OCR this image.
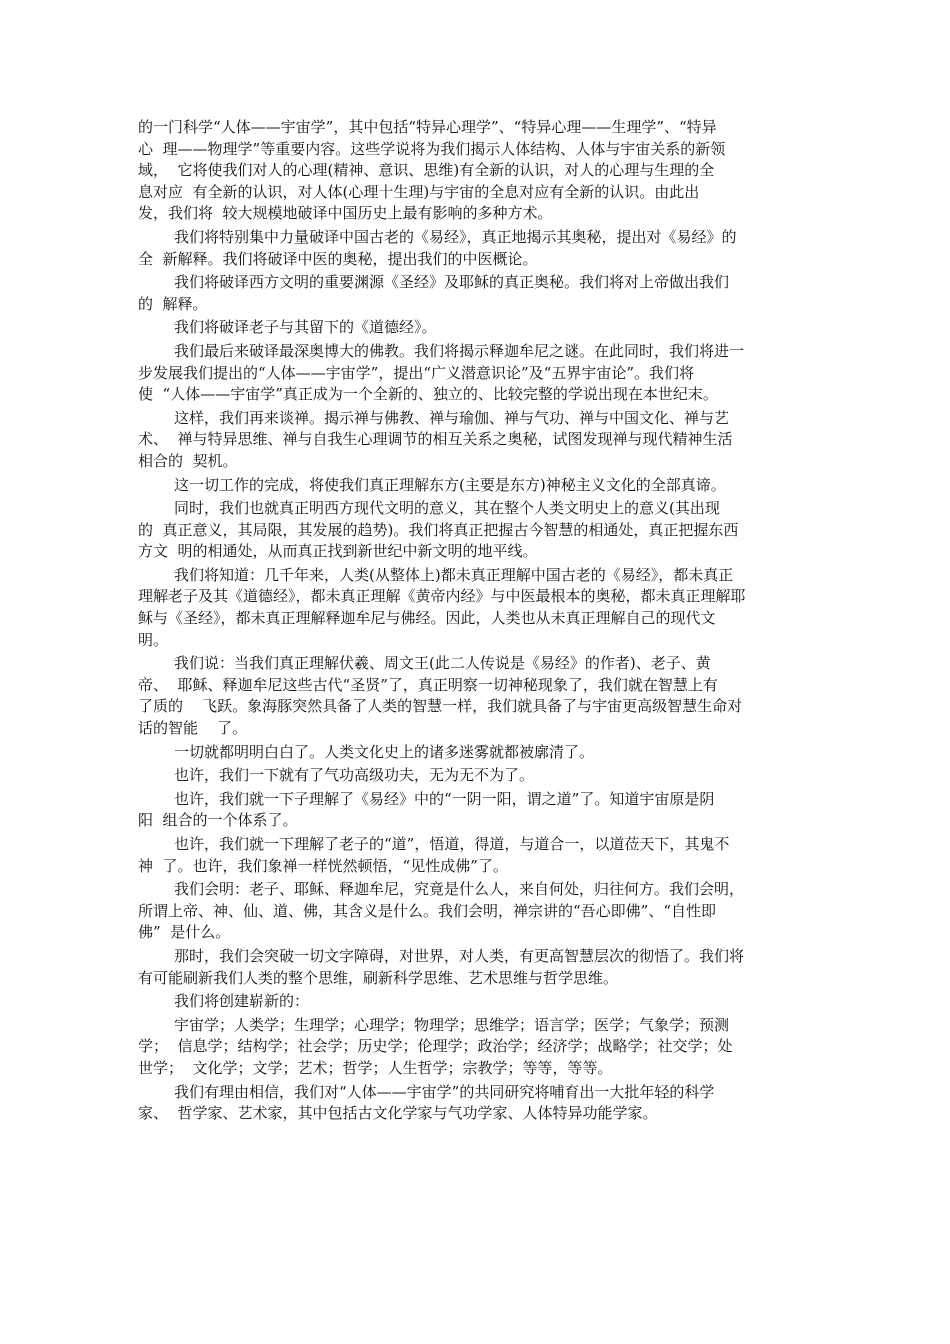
的一门科学“人体——宇宙学”，其中包括“特异心理学”、“特异心理——生理学”、“特异
心  理——物理学”等重要内容。这些学说将为我们揭示人体结构、人体与宇宙关系的新领
域，  它将使我们对人的心理(精神、意识、思维)有全新的认识，对人的心理与生理的全
息对应  有全新的认识，对人体(心理十生理)与宇宙的全息对应有全新的认识。由此出
发，我们将  较大规模地破译中国历史上最有影响的多种方术。
我们将特别集中力量破译中国古老的《易经》，真正地揭示其奥秘，提出对《易经》的
全  新解释。我们将破译中医的奥秘，提出我们的中医概论。
我们将破译西方文明的重要渊源《圣经》及耶稣的真正奥秘。我们将对上帝做出我们
的  解释。
我们将破译老子与其留下的《道德经》。
我们最后来破译最深奥博大的佛教。我们将揭示释迦牟尼之谜。在此同时，我们将进一
步发展我们提出的“人体——宇宙学”，提出“广义潜意识论”及“五界宇宙论”。我们将
使  “人体——宇宙学”真正成为一个全新的、独立的、比较完整的学说出现在本世纪末。
这样，我们再来谈禅。揭示禅与佛教、禅与瑜伽、禅与气功、禅与中国文化、禅与艺
术、  禅与特异思维、禅与自我生心理调节的相互关系之奥秘，试图发现禅与现代精神生活
相合的  契机。
这一切工作的完成，将使我们真正理解东方(主要是东方)神秘主义文化的全部真谛。
同时，我们也就真正明西方现代文明的意义，其在整个人类文明史上的意义(其出现
的  真正意义，其局限，其发展的趋势)。我们将真正把握古今智慧的相通处，真正把握东西
方文  明的相通处，从而真正找到新世纪中新文明的地平线。
我们将知道：几千年来，人类(从整体上)都未真正理解中国古老的《易经》，都未真正
理解老子及其《道德经》，都未真正理解《黄帝内经》与中医最根本的奥秘，都未真正理解耶
稣与《圣经》，都未真正理解释迦牟尼与佛经。因此，人类也从未真正理解自己的现代文
明。
我们说：当我们真正理解伏羲、周文王(此二人传说是《易经》的作者)、老子、黄
帝、  耶稣、释迦牟尼这些古代“圣贤”了，真正明察一切神秘现象了，我们就在智慧上有
了质的    飞跃。象海豚突然具备了人类的智慧一样，我们就具备了与宇宙更高级智慧生命对
话的智能    了。
一切就都明明白白了。人类文化史上的诸多迷雾就都被廓清了。
也许，我们一下就有了气功高级功夫，无为无不为了。
也许，我们就一下子理解了《易经》中的“一阴一阳，谓之道”了。知道宇宙原是阴
阳  组合的一个体系了。
也许，我们就一下理解了老子的“道”，悟道，得道，与道合一，以道莅天下，其鬼不
神  了。也许，我们象禅一样恍然顿悟，“见性成佛”了。
我们会明：老子、耶稣、释迦牟尼，究竟是什么人，来自何处，归往何方。我们会明，
所谓上帝、神、仙、道、佛，其含义是什么。我们会明，禅宗讲的“吾心即佛”、“自性即
佛”  是什么。
那时，我们会突破一切文字障碍，对世界，对人类，有更高智慧层次的彻悟了。我们将
有可能刷新我们人类的整个思维，刷新科学思维、艺术思维与哲学思维。
我们将创建崭新的：
宇宙学；人类学；生理学；心理学；物理学；思维学；语言学；医学；气象学；预测
学；  信息学；结构学；社会学；历史学；伦理学；政治学；经济学；战略学；社交学；处
世学；  文化学；文学；艺术；哲学；人生哲学；宗教学；等等，等等。
我们有理由相信，我们对“人体——宇宙学”的共同研究将哺育出一大批年轻的科学
家、  哲学家、艺术家，其中包括古文化学家与气功学家、人体特异功能学家。
